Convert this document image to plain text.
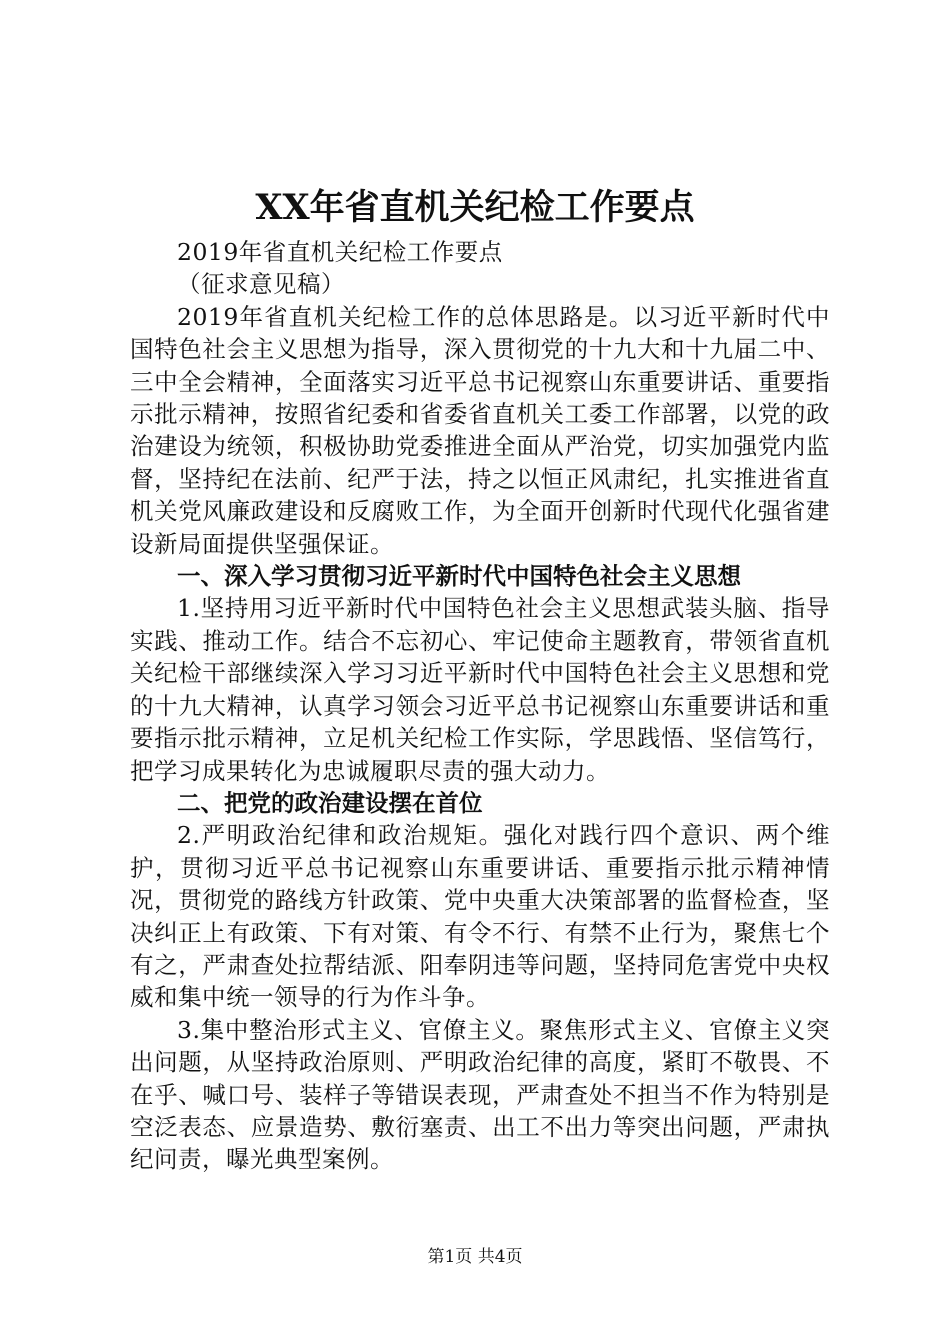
XX年省直机关纪检工作要点

2019年省直机关纪检工作要点

（征求意见稿）

2019年省直机关纪检工作的总体思路是。以习近平新时代中国特色社会主义思想为指导，深入贯彻党的十九大和十九届二中、三中全会精神，全面落实习近平总书记视察山东重要讲话、重要指示批示精神，按照省纪委和省委省直机关工委工作部署，以党的政治建设为统领，积极协助党委推进全面从严治党，切实加强党内监督，坚持纪在法前、纪严于法，持之以恒正风肃纪，扎实推进省直机关党风廉政建设和反腐败工作，为全面开创新时代现代化强省建设新局面提供坚强保证。

一、深入学习贯彻习近平新时代中国特色社会主义思想

1.坚持用习近平新时代中国特色社会主义思想武装头脑、指导实践、推动工作。结合不忘初心、牢记使命主题教育，带领省直机关纪检干部继续深入学习习近平新时代中国特色社会主义思想和党的十九大精神，认真学习领会习近平总书记视察山东重要讲话和重要指示批示精神，立足机关纪检工作实际，学思践悟、坚信笃行，把学习成果转化为忠诚履职尽责的强大动力。

二、把党的政治建设摆在首位

2.严明政治纪律和政治规矩。强化对践行四个意识、两个维护，贯彻习近平总书记视察山东重要讲话、重要指示批示精神情况，贯彻党的路线方针政策、党中央重大决策部署的监督检查，坚决纠正上有政策、下有对策、有令不行、有禁不止行为，聚焦七个有之，严肃查处拉帮结派、阳奉阴违等问题，坚持同危害党中央权威和集中统一领导的行为作斗争。

3.集中整治形式主义、官僚主义。聚焦形式主义、官僚主义突出问题，从坚持政治原则、严明政治纪律的高度，紧盯不敬畏、不在乎、喊口号、装样子等错误表现，严肃查处不担当不作为特别是空泛表态、应景造势、敷衍塞责、出工不出力等突出问题，严肃执纪问责，曝光典型案例。

第1页 共4页
